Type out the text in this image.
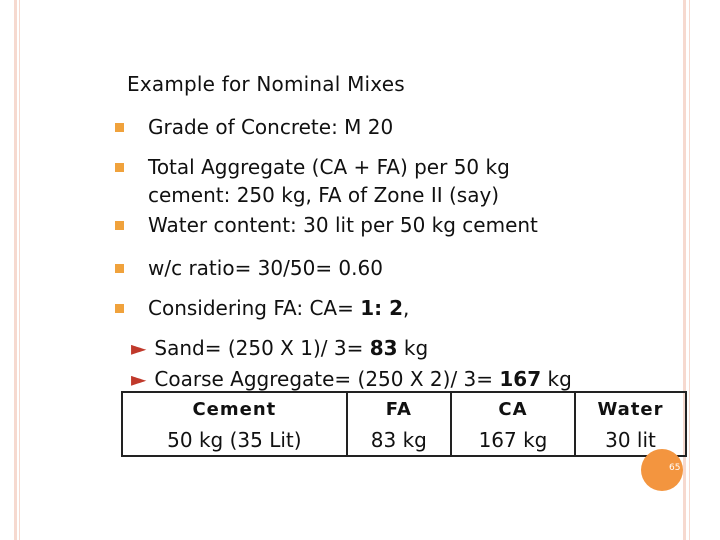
Example for Nominal Mixes
Grade of Concrete: M 20
Total Aggregate (CA + FA) per 50 kg
cement: 250 kg, FA of Zone II (say)
Water content: 30 lit per 50 kg cement
w/c ratio= 30/50= 0.60
Considering FA: CA= 1: 2,
► Sand= (250 X 1)/ 3= 83 kg
► Coarse Aggregate= (250 X 2)/ 3= 167 kg
Cement	FA	CA	Water
50 kg (35 Lit)	83 kg	167 kg	30 lit
65
